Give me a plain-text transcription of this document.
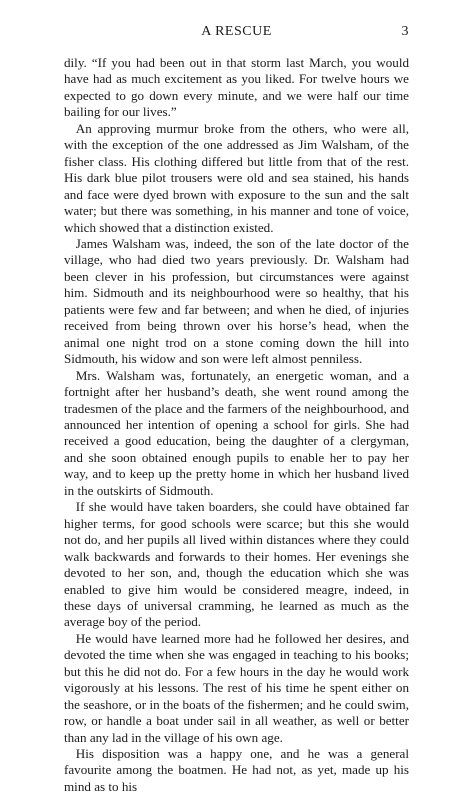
A RESCUE	3

dily. “If you had been out in that storm last March, you would have had as much excitement as you liked. For twelve hours we expected to go down every minute, and we were half our time bailing for our lives.”

An approving murmur broke from the others, who were all, with the exception of the one addressed as Jim Walsham, of the fisher class. His clothing differed but little from that of the rest. His dark blue pilot trousers were old and sea stained, his hands and face were dyed brown with exposure to the sun and the salt water; but there was something, in his manner and tone of voice, which showed that a distinction existed.

James Walsham was, indeed, the son of the late doctor of the village, who had died two years previously. Dr. Walsham had been clever in his profession, but circumstances were against him. Sidmouth and its neighbourhood were so healthy, that his patients were few and far between; and when he died, of injuries received from being thrown over his horse’s head, when the animal one night trod on a stone coming down the hill into Sidmouth, his widow and son were left almost penniless.

Mrs. Walsham was, fortunately, an energetic woman, and a fortnight after her husband’s death, she went round among the tradesmen of the place and the farmers of the neighbourhood, and announced her intention of opening a school for girls. She had received a good education, being the daughter of a clergyman, and she soon obtained enough pupils to enable her to pay her way, and to keep up the pretty home in which her husband lived in the outskirts of Sidmouth.

If she would have taken boarders, she could have obtained far higher terms, for good schools were scarce; but this she would not do, and her pupils all lived within distances where they could walk backwards and forwards to their homes. Her evenings she devoted to her son, and, though the education which she was enabled to give him would be considered meagre, indeed, in these days of universal cramming, he learned as much as the average boy of the period.

He would have learned more had he followed her desires, and devoted the time when she was engaged in teaching to his books; but this he did not do. For a few hours in the day he would work vigorously at his lessons. The rest of his time he spent either on the seashore, or in the boats of the fishermen; and he could swim, row, or handle a boat under sail in all weather, as well or better than any lad in the village of his own age.

His disposition was a happy one, and he was a general favourite among the boatmen. He had not, as yet, made up his mind as to his
